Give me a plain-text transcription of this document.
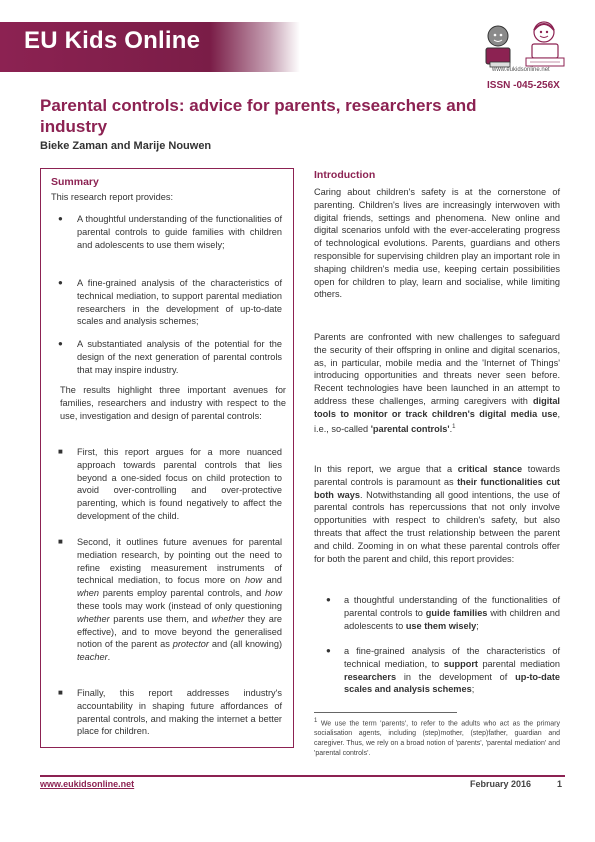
EU Kids Online
www.eukidsonline.net
ISSN -045-256X
Parental controls: advice for parents, researchers and industry
Bieke Zaman and Marije Nouwen
Summary
This research report provides:
● A thoughtful understanding of the functionalities of parental controls to guide families with children and adolescents to use them wisely;
● A fine-grained analysis of the characteristics of technical mediation, to support parental mediation researchers in the development of up-to-date scales and analysis schemes;
● A substantiated analysis of the potential for the design of the next generation of parental controls that may inspire industry.
The results highlight three important avenues for families, researchers and industry with respect to the use, investigation and design of parental controls:
■ First, this report argues for a more nuanced approach towards parental controls that lies beyond a one-sided focus on child protection to avoid over-controlling and over-protective parenting, which is found negatively to affect the development of the child.
■ Second, it outlines future avenues for parental mediation research, by pointing out the need to refine existing measurement instruments of technical mediation, to focus more on how and when parents employ parental controls, and how these tools may work (instead of only questioning whether parents use them, and whether they are effective), and to move beyond the generalised notion of the parent as protector and (all knowing) teacher.
■ Finally, this report addresses industry's accountability in shaping future affordances of parental controls, and making the internet a better place for children.
Introduction
Caring about children's safety is at the cornerstone of parenting. Children's lives are increasingly interwoven with digital friends, settings and phenomena. New online and digital scenarios unfold with the ever-accelerating progress of technological evolutions. Parents, guardians and others responsible for supervising children play an important role in shaping children's media use, keeping certain possibilities open for children to play, learn and socialise, while limiting others.
Parents are confronted with new challenges to safeguard the security of their offspring in online and digital scenarios, as, in particular, mobile media and the 'Internet of Things' introducing opportunities and threats never seen before. Recent technologies have been launched in an attempt to address these challenges, arming caregivers with digital tools to monitor or track children's digital media use, i.e., so-called 'parental controls'.$^1$
In this report, we argue that a critical stance towards parental controls is paramount as their functionalities cut both ways. Notwithstanding all good intentions, the use of parental controls has repercussions that not only involve opportunities with respect to children's safety, but also threats that affect the trust relationship between the parent and child. Zooming in on what these parental controls offer for both the parent and child, this report provides:
● a thoughtful understanding of the functionalities of parental controls to guide families with children and adolescents to use them wisely;
● a fine-grained analysis of the characteristics of technical mediation, to support parental mediation researchers in the development of up-to-date scales and analysis schemes;
$^1$ We use the term 'parents', to refer to the adults who act as the primary socialisation agents, including (step)mother, (step)father, guardian and caregiver. Thus, we rely on a broad notion of 'parents', 'parental mediation' and 'parental controls'.
www.eukidsonline.net	February 2016	1
